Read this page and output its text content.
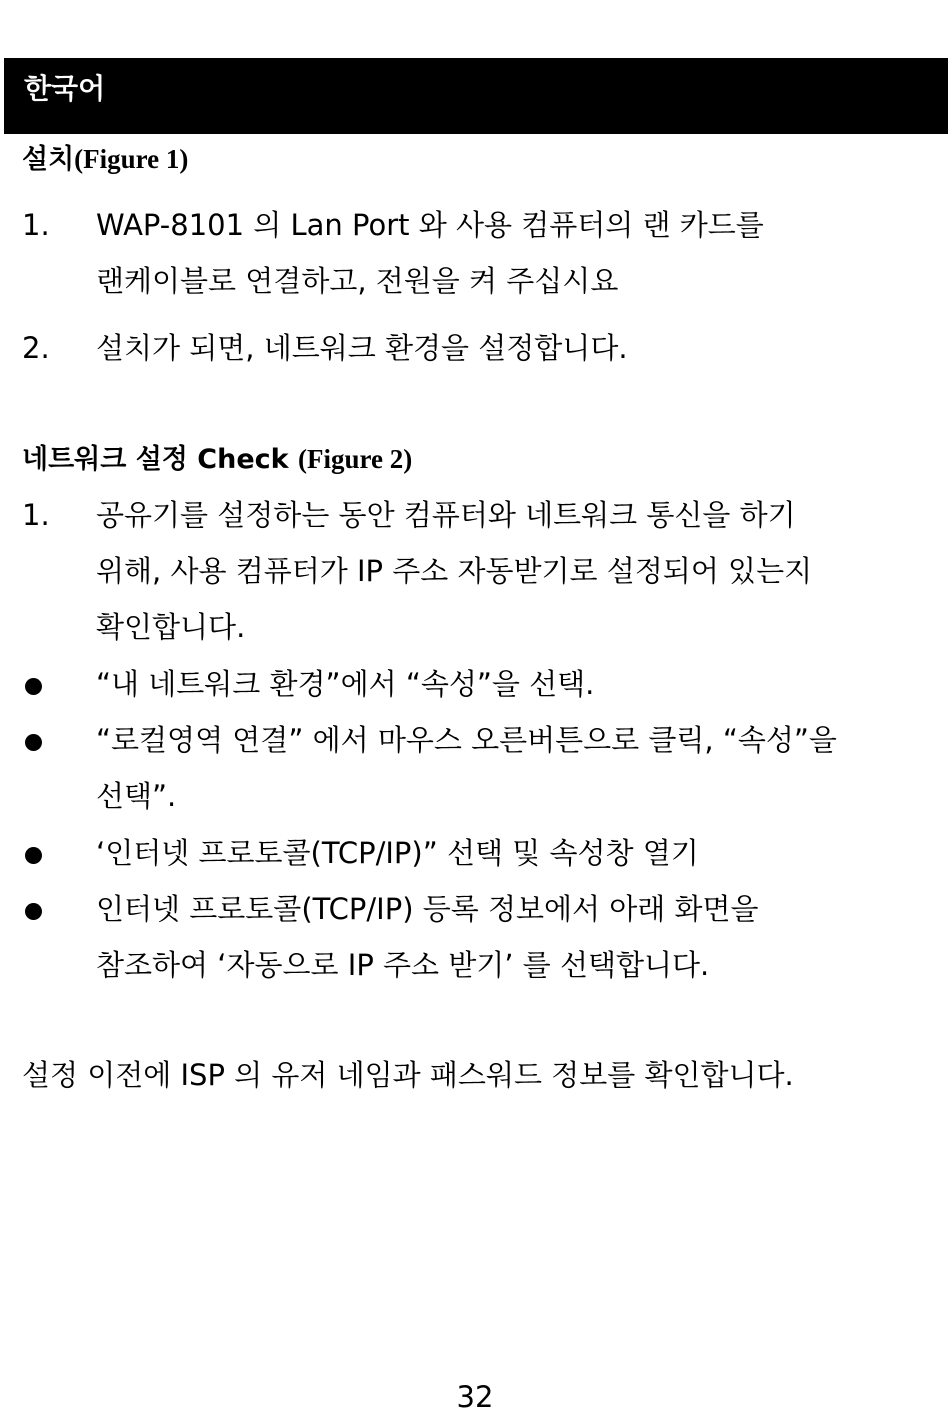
한국어
설치(Figure 1)
1. WAP-8101 의 Lan Port 와 사용 컴퓨터의 랜 카드를
랜케이블로 연결하고, 전원을 켜 주십시요
2. 설치가 되면, 네트워크 환경을 설정합니다.
네트워크 설정 Check (Figure 2)
1. 공유기를 설정하는 동안 컴퓨터와 네트워크 통신을 하기
위해, 사용 컴퓨터가 IP 주소 자동받기로 설정되어 있는지
확인합니다.
“내 네트워크 환경”에서 “속성”을 선택.
“로컬영역 연결” 에서 마우스 오른버튼으로 클릭, “속성”을
선택”.
‘인터넷 프로토콜(TCP/IP)” 선택 및 속성창 열기
인터넷 프로토콜(TCP/IP) 등록 정보에서 아래 화면을
참조하여 ‘자동으로 IP 주소 받기’ 를 선택합니다.
설정 이전에 ISP 의 유저 네임과 패스워드 정보를 확인합니다.
32
